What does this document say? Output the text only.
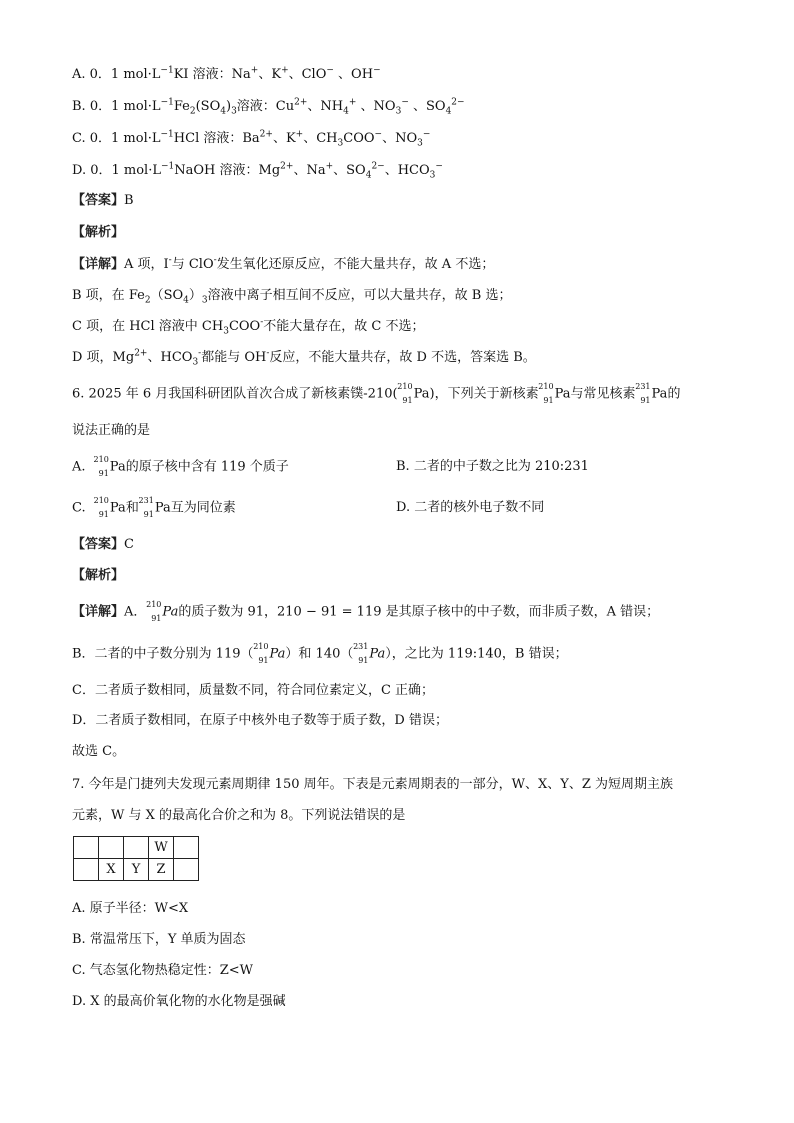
A. 0．1 $mol\cdot L^{-1}KI$ 溶液：Na+、K+、ClO− 、OH−
B. 0．1 $mol\cdot L^{-1}Fe_2(SO_4)_3$溶液：$Cu^{2+}$、$NH_4^+$ 、$NO_3^-$ 、$SO_4^{2-}$
C. 0．1 $mol\cdot L^{-1}HCl$ 溶液：$Ba^{2+}$、K+、$CH_3COO^-$、$NO_3^-$
D. 0．1 $mol\cdot L^{-1}NaOH$ 溶液：$Mg^{2+}$、Na+、$SO_4^{2-}$、$HCO_3^-$
【答案】B
【解析】
【详解】A 项，I-与 ClO-发生氧化还原反应，不能大量共存，故 A 不选；
B 项，在 $Fe_2(SO_4)_3$溶液中离子相互间不反应，可以大量共存，故 B 选；
C 项，在 HCl 溶液中 $CH_3COO^-$不能大量存在，故 C 不选；
D 项，$Mg^{2+}$、$HCO_3^-$都能与 OH-反应，不能大量共存，故 D 不选，答案选 B。
6. 2025 年 6 月我国科研团队首次合成了新核素镤-210( 210
91 Pa)，下列关于新核素 210
91 Pa与常见核素 231
91 Pa的
说法正确的是
A. 210
91 Pa的原子核中含有 119 个质子	B. 二者的中子数之比为 210:231
C. 210
91 Pa和 231
91 Pa互为同位素	D. 二者的核外电子数不同
【答案】C
【解析】
【详解】A． 210
91 Pa的质子数为 91，210 − 91 = 119 是其原子核中的中子数，而非质子数，A 错误；
B．二者的中子数分别为 119（ 210
91 Pa）和 140（ 231
91 Pa），之比为 119:140，B 错误；
C．二者质子数相同，质量数不同，符合同位素定义，C 正确；
D．二者质子数相同，在原子中核外电子数等于质子数，D 错误；
故选 C。
7. 今年是门捷列夫发现元素周期律 150 周年。下表是元素周期表的一部分，W、X、Y、Z 为短周期主族
元素，W 与 X 的最高化合价之和为 8。下列说法错误的是
			W	
	X	Y	Z	
A. 原子半径：W<X
B. 常温常压下，Y 单质为固态
C. 气态氢化物热稳定性：Z<W
D. X 的最高价氧化物的水化物是强碱
